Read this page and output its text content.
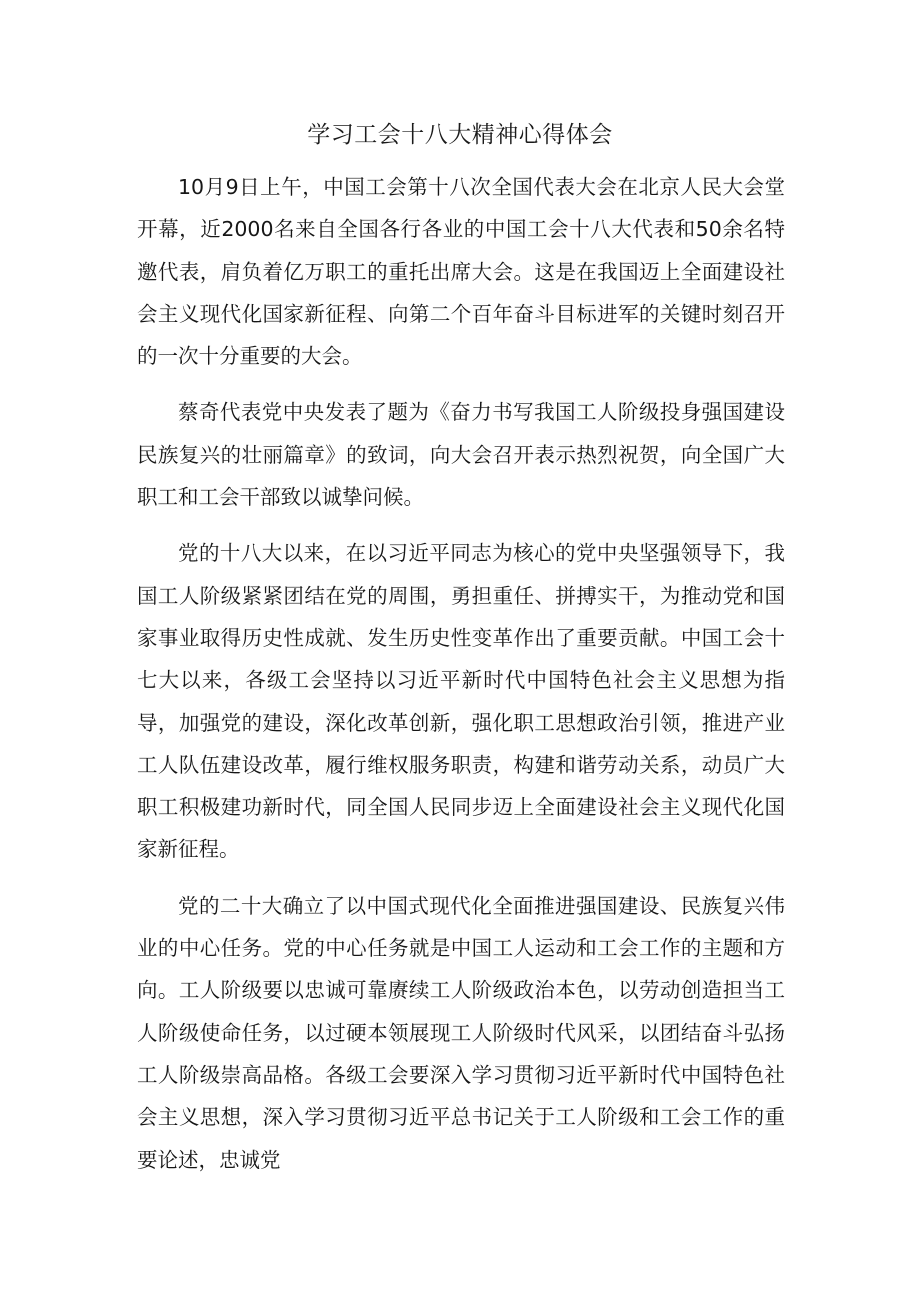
学习工会十八大精神心得体会

10月9日上午，中国工会第十八次全国代表大会在北京人民大会堂开幕，近2000名来自全国各行各业的中国工会十八大代表和50余名特邀代表，肩负着亿万职工的重托出席大会。这是在我国迈上全面建设社会主义现代化国家新征程、向第二个百年奋斗目标进军的关键时刻召开的一次十分重要的大会。

蔡奇代表党中央发表了题为《奋力书写我国工人阶级投身强国建设民族复兴的壮丽篇章》的致词，向大会召开表示热烈祝贺，向全国广大职工和工会干部致以诚挚问候。

党的十八大以来，在以习近平同志为核心的党中央坚强领导下，我国工人阶级紧紧团结在党的周围，勇担重任、拼搏实干，为推动党和国家事业取得历史性成就、发生历史性变革作出了重要贡献。中国工会十七大以来，各级工会坚持以习近平新时代中国特色社会主义思想为指导，加强党的建设，深化改革创新，强化职工思想政治引领，推进产业工人队伍建设改革，履行维权服务职责，构建和谐劳动关系，动员广大职工积极建功新时代，同全国人民同步迈上全面建设社会主义现代化国家新征程。

党的二十大确立了以中国式现代化全面推进强国建设、民族复兴伟业的中心任务。党的中心任务就是中国工人运动和工会工作的主题和方向。工人阶级要以忠诚可靠赓续工人阶级政治本色，以劳动创造担当工人阶级使命任务，以过硬本领展现工人阶级时代风采，以团结奋斗弘扬工人阶级崇高品格。各级工会要深入学习贯彻习近平新时代中国特色社会主义思想，深入学习贯彻习近平总书记关于工人阶级和工会工作的重要论述，忠诚党
